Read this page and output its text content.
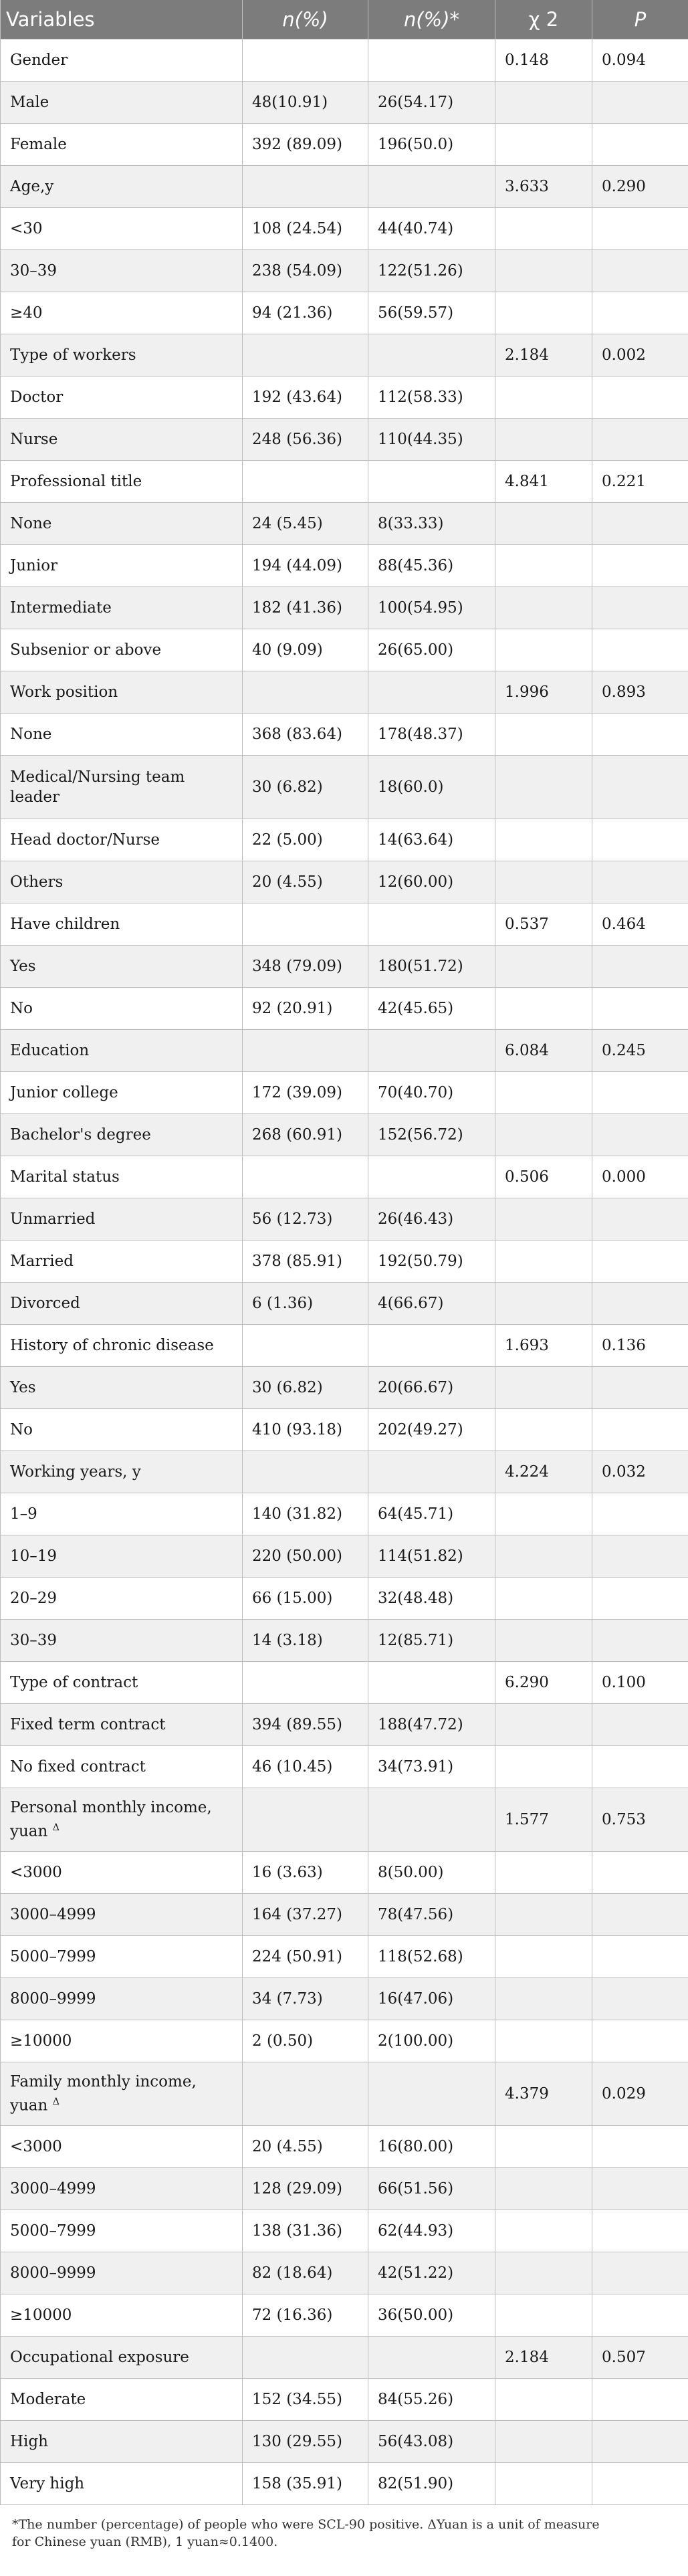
Variables	n(%)	n(%)*	χ 2	P
Gender			0.148	0.094
Male	48(10.91)	26(54.17)		
Female	392 (89.09)	196(50.0)		
Age,y			3.633	0.290
<30	108 (24.54)	44(40.74)		
30–39	238 (54.09)	122(51.26)		
≥40	94 (21.36)	56(59.57)		
Type of workers			2.184	0.002
Doctor	192 (43.64)	112(58.33)		
Nurse	248 (56.36)	110(44.35)		
Professional title			4.841	0.221
None	24 (5.45)	8(33.33)		
Junior	194 (44.09)	88(45.36)		
Intermediate	182 (41.36)	100(54.95)		
Subsenior or above	40 (9.09)	26(65.00)		
Work position			1.996	0.893
None	368 (83.64)	178(48.37)		
Medical/Nursing team leader	30 (6.82)	18(60.0)		
Head doctor/Nurse	22 (5.00)	14(63.64)		
Others	20 (4.55)	12(60.00)		
Have children			0.537	0.464
Yes	348 (79.09)	180(51.72)		
No	92 (20.91)	42(45.65)		
Education			6.084	0.245
Junior college	172 (39.09)	70(40.70)		
Bachelor's degree	268 (60.91)	152(56.72)		
Marital status			0.506	0.000
Unmarried	56 (12.73)	26(46.43)		
Married	378 (85.91)	192(50.79)		
Divorced	6 (1.36)	4(66.67)		
History of chronic disease			1.693	0.136
Yes	30 (6.82)	20(66.67)		
No	410 (93.18)	202(49.27)		
Working years, y			4.224	0.032
1–9	140 (31.82)	64(45.71)		
10–19	220 (50.00)	114(51.82)		
20–29	66 (15.00)	32(48.48)		
30–39	14 (3.18)	12(85.71)		
Type of contract			6.290	0.100
Fixed term contract	394 (89.55)	188(47.72)		
No fixed contract	46 (10.45)	34(73.91)		
Personal monthly income, yuan $^\Delta$			1.577	0.753
<3000	16 (3.63)	8(50.00)		
3000–4999	164 (37.27)	78(47.56)		
5000–7999	224 (50.91)	118(52.68)		
8000–9999	34 (7.73)	16(47.06)		
≥10000	2 (0.50)	2(100.00)		
Family monthly income, yuan $^\Delta$			4.379	0.029
<3000	20 (4.55)	16(80.00)		
3000–4999	128 (29.09)	66(51.56)		
5000–7999	138 (31.36)	62(44.93)		
8000–9999	82 (18.64)	42(51.22)		
≥10000	72 (16.36)	36(50.00)		
Occupational exposure			2.184	0.507
Moderate	152 (34.55)	84(55.26)		
High	130 (29.55)	56(43.08)		
Very high	158 (35.91)	82(51.90)		
*The number (percentage) of people who were SCL-90 positive. ΔYuan is a unit of measure
for Chinese yuan (RMB), 1 yuan≈0.1400.
